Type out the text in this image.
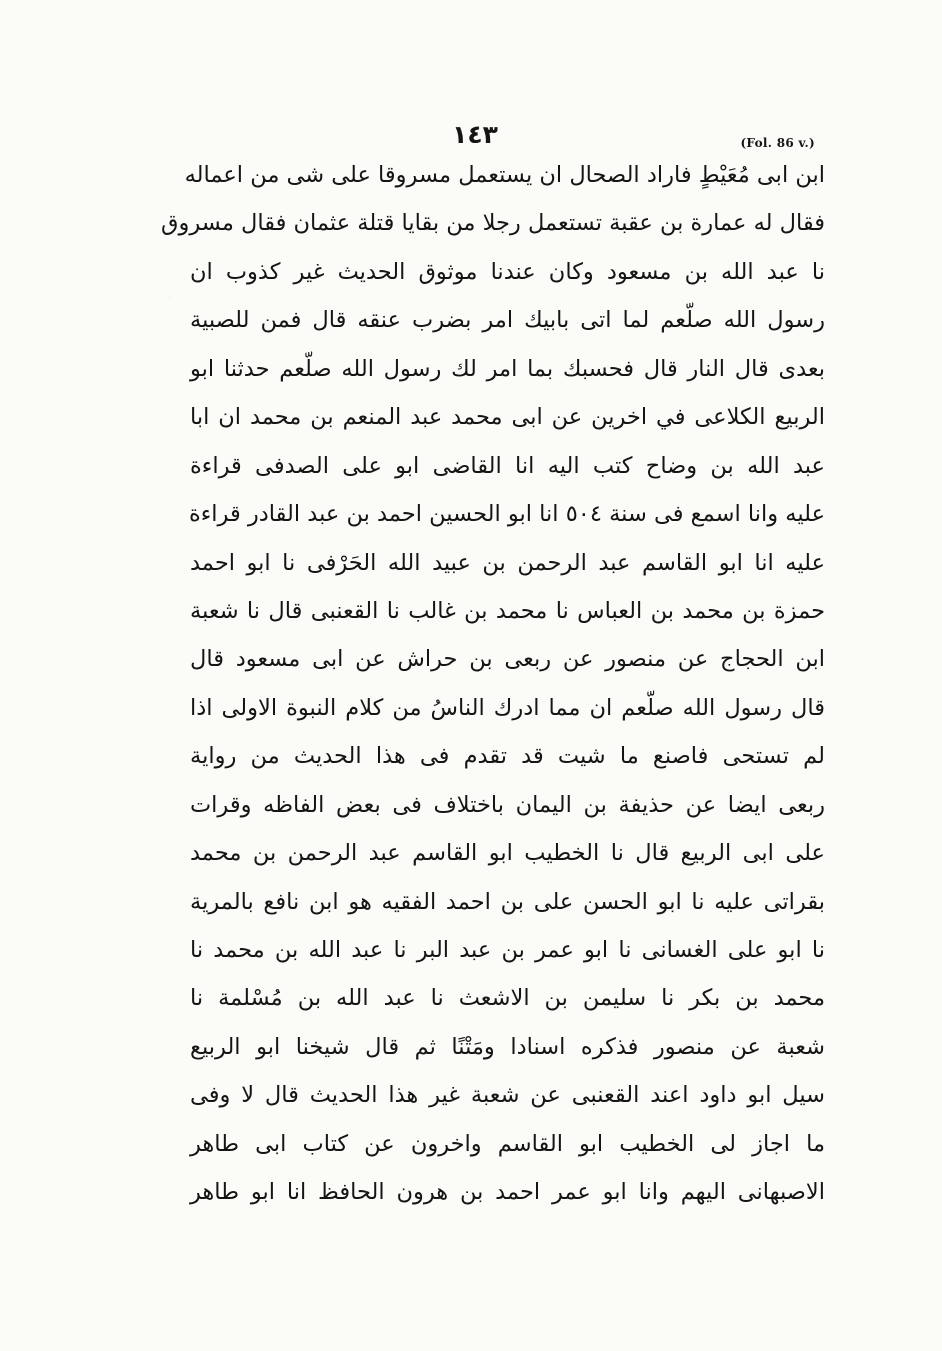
١٤٣	(Fol. 86 v.)
ابن ابى مُعَيْطٍ فاراد الصحال ان يستعمل مسروقا على شى من اعماله
فقال له عمارة بن عقبة تستعمل رجلا من بقايا قتلة عثمان فقال مسروق
نا عبد الله بن مسعود وكان عندنا موثوق الحديث غير كذوب ان
رسول الله صلّعم لما اتى بابيك امر بضرب عنقه قال فمن للصبية
بعدى قال النار قال فحسبك بما امر لك رسول الله صلّعم حدثنا ابو
الربيع الكلاعى في اخرين عن ابى محمد عبد المنعم بن محمد ان ابا
عبد الله بن وضاح كتب اليه انا القاضى ابو على الصدفى قراءة
عليه وانا اسمع فى سنة ٥٠٤ انا ابو الحسين احمد بن عبد القادر قراءة
عليه انا ابو القاسم عبد الرحمن بن عبيد الله الحَرْفى نا ابو احمد
حمزة بن محمد بن العباس نا محمد بن غالب نا القعنبى قال نا شعبة
ابن الحجاج عن منصور عن ربعى بن حراش عن ابى مسعود قال
قال رسول الله صلّعم ان مما ادرك الناسُ من كلام النبوة الاولى اذا
لم تستحى فاصنع ما شيت قد تقدم فى هذا الحديث من رواية
ربعى ايضا عن حذيفة بن اليمان باختلاف فى بعض الفاظه وقرات
على ابى الربيع قال نا الخطيب ابو القاسم عبد الرحمن بن محمد
بقراتى عليه نا ابو الحسن على بن احمد الفقيه هو ابن نافع بالمرية
نا ابو على الغسانى نا ابو عمر بن عبد البر نا عبد الله بن محمد نا
محمد بن بكر نا سليمن بن الاشعث نا عبد الله بن مُسْلمة نا
شعبة عن منصور فذكره اسنادا ومَتْنًا ثم قال شيخنا ابو الربيع
سيل ابو داود اعند القعنبى عن شعبة غير هذا الحديث قال لا وفى
ما اجاز لى الخطيب ابو القاسم واخرون عن كتاب ابى طاهر
الاصبهانى اليهم وانا ابو عمر احمد بن هرون الحافظ انا ابو طاهر
